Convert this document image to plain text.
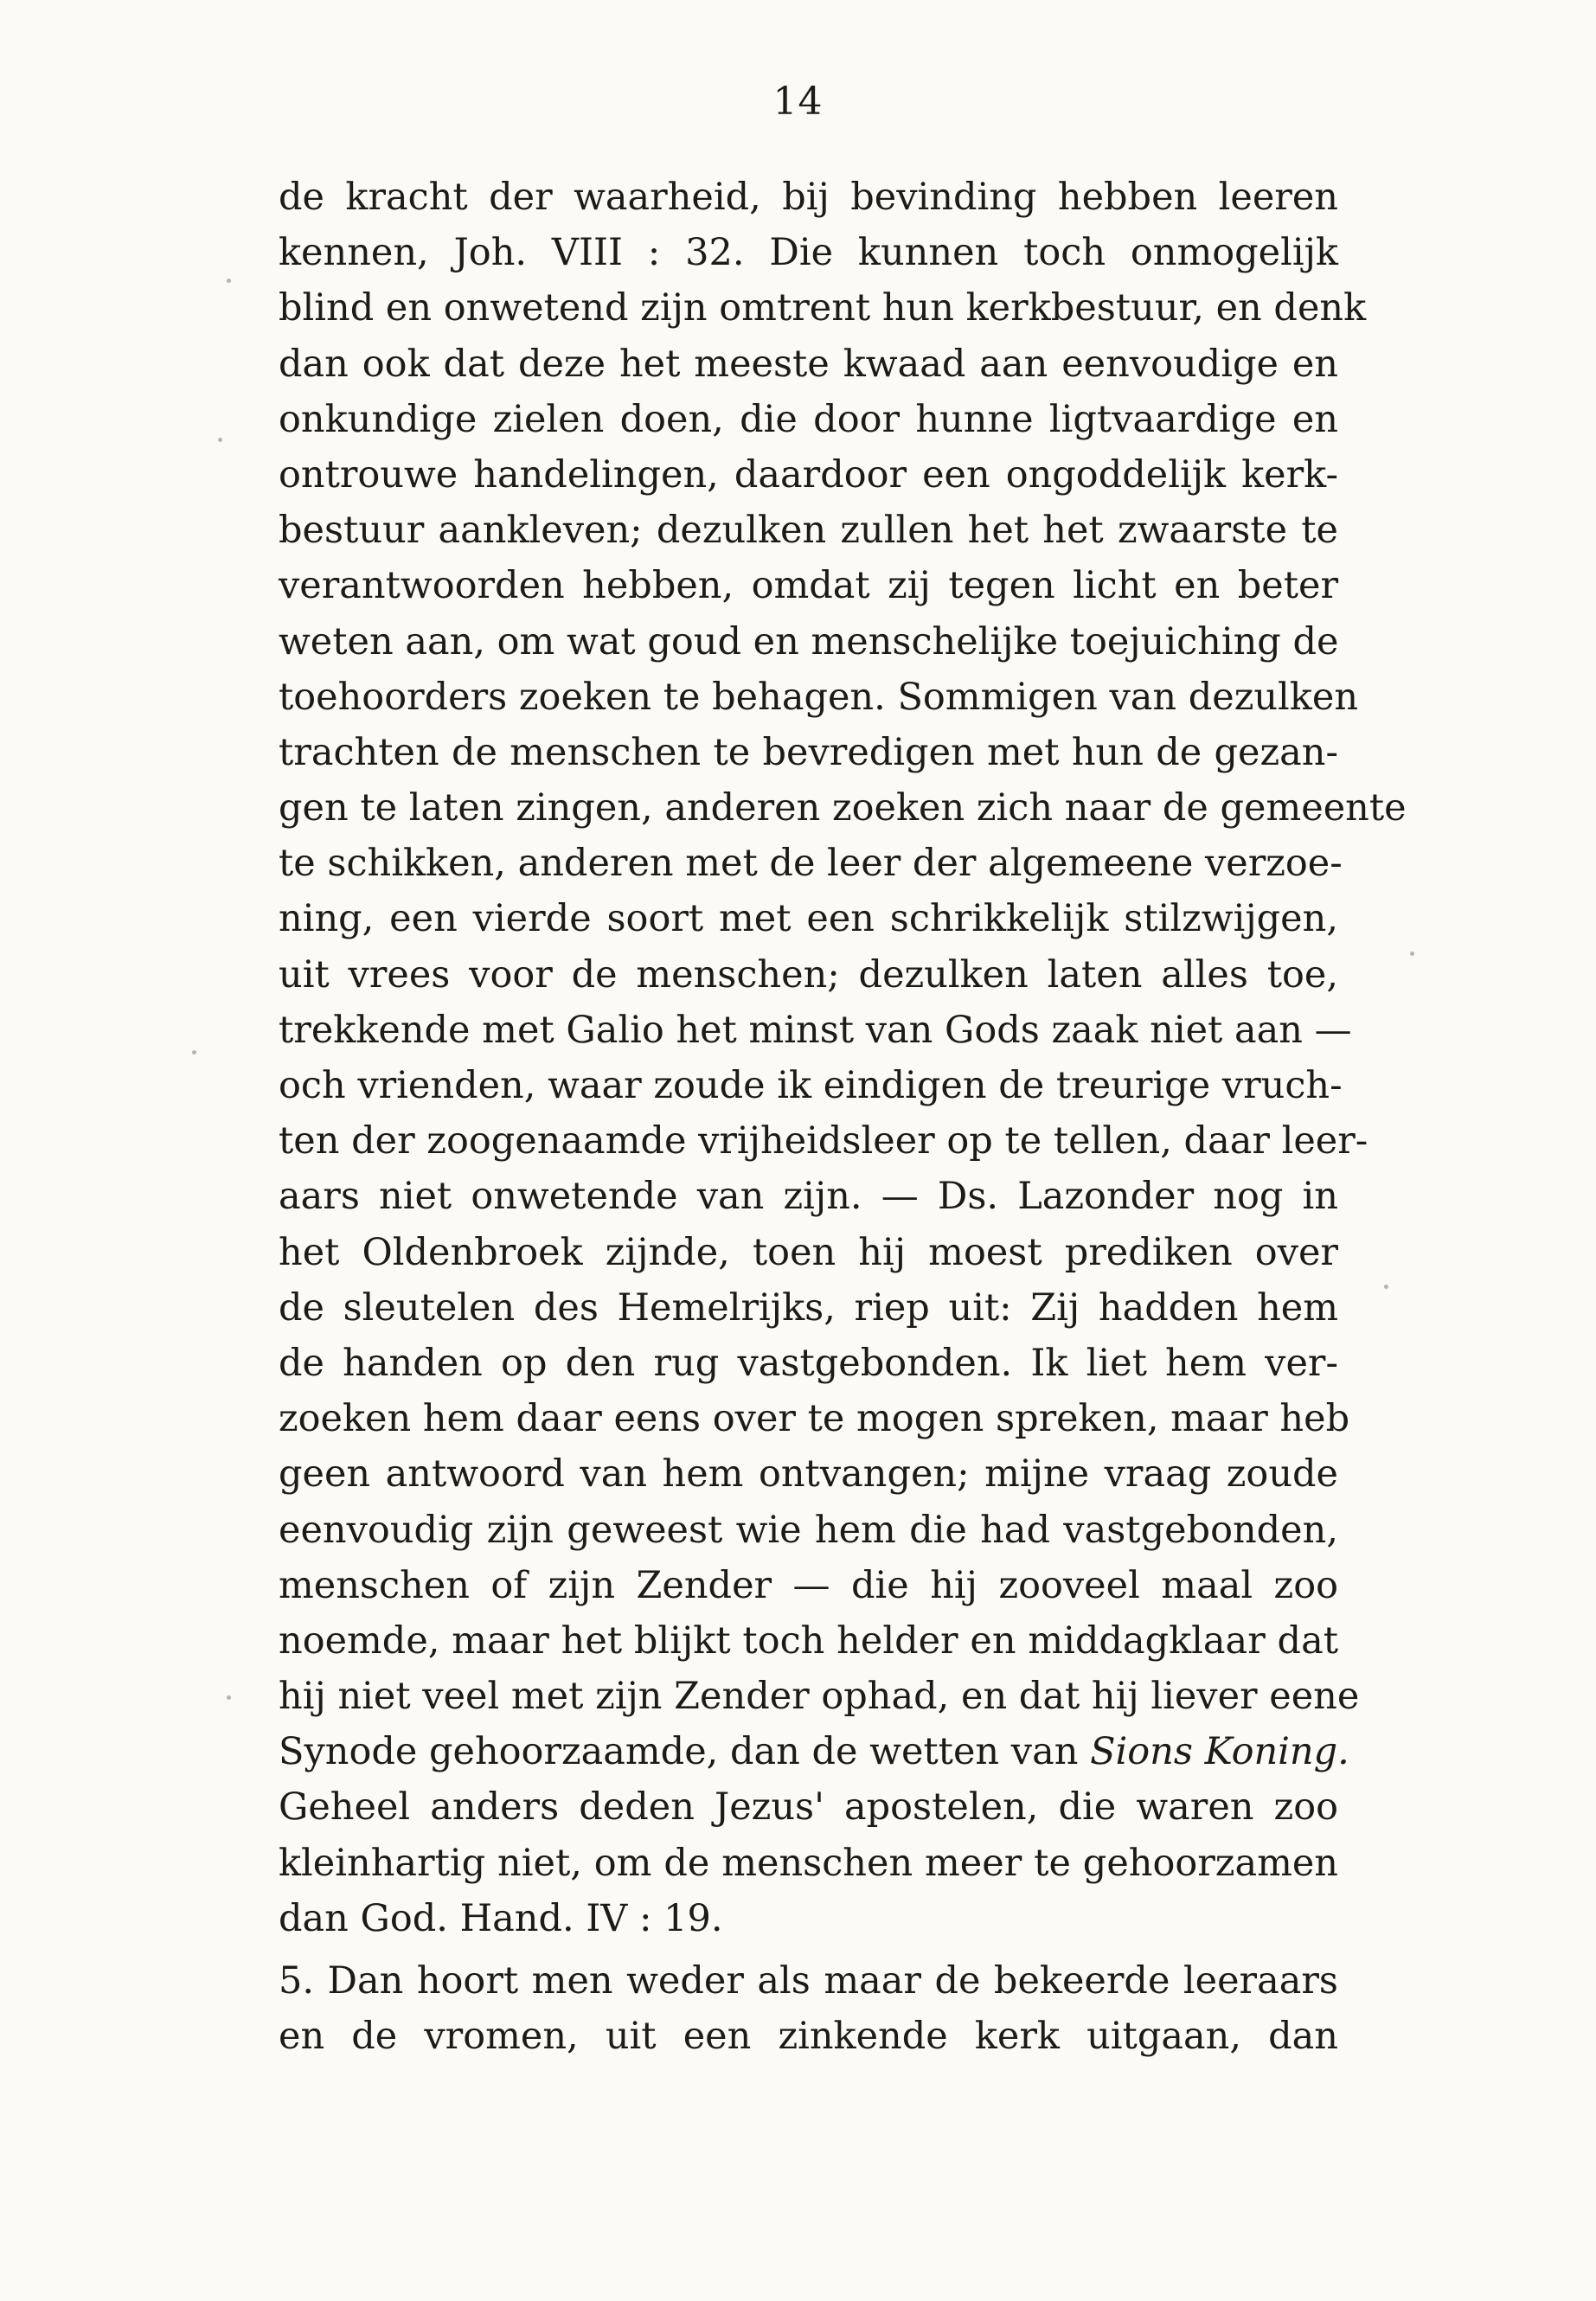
14
de kracht der waarheid, bij bevinding hebben leeren
kennen, Joh. VIII : 32. Die kunnen toch onmogelijk
blind en onwetend zijn omtrent hun kerkbestuur, en denk
dan ook dat deze het meeste kwaad aan eenvoudige en
onkundige zielen doen, die door hunne ligtvaardige en
ontrouwe handelingen, daardoor een ongoddelijk kerk-
bestuur aankleven; dezulken zullen het het zwaarste te
verantwoorden hebben, omdat zij tegen licht en beter
weten aan, om wat goud en menschelijke toejuiching de
toehoorders zoeken te behagen. Sommigen van dezulken
trachten de menschen te bevredigen met hun de gezan-
gen te laten zingen, anderen zoeken zich naar de gemeente
te schikken, anderen met de leer der algemeene verzoe-
ning, een vierde soort met een schrikkelijk stilzwijgen,
uit vrees voor de menschen; dezulken laten alles toe,
trekkende met Galio het minst van Gods zaak niet aan —
och vrienden, waar zoude ik eindigen de treurige vruch-
ten der zoogenaamde vrijheidsleer op te tellen, daar leer-
aars niet onwetende van zijn. — Ds. Lazonder nog in
het Oldenbroek zijnde, toen hij moest prediken over
de sleutelen des Hemelrijks, riep uit: Zij hadden hem
de handen op den rug vastgebonden. Ik liet hem ver-
zoeken hem daar eens over te mogen spreken, maar heb
geen antwoord van hem ontvangen; mijne vraag zoude
eenvoudig zijn geweest wie hem die had vastgebonden,
menschen of zijn Zender — die hij zooveel maal zoo
noemde, maar het blijkt toch helder en middagklaar dat
hij niet veel met zijn Zender ophad, en dat hij liever eene
Synode gehoorzaamde, dan de wetten van Sions Koning.
Geheel anders deden Jezus' apostelen, die waren zoo
kleinhartig niet, om de menschen meer te gehoorzamen
dan God. Hand. IV : 19.
5. Dan hoort men weder als maar de bekeerde leeraars
en de vromen, uit een zinkende kerk uitgaan, dan
